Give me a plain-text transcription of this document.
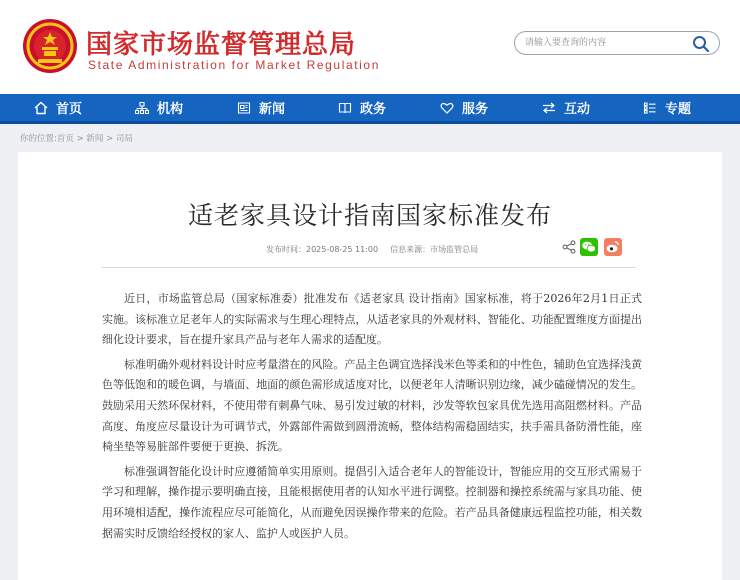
国家市场监督管理总局
State Administration for Market Regulation
请输入要查询的内容
首页	机构	新闻	政务	服务	互动	专题
你的位置:首页 > 新闻 > 司局
适老家具设计指南国家标准发布
发布时间：2025-08-25 11:00 信息来源：市场监管总局

近日，市场监管总局（国家标准委）批准发布《适老家具 设计指南》国家标准，将于2026年2月1日正式实施。该标准立足老年人的实际需求与生理心理特点，从适老家具的外观材料、智能化、功能配置维度方面提出细化设计要求，旨在提升家具产品与老年人需求的适配度。

标准明确外观材料设计时应考量潜在的风险。产品主色调宜选择浅米色等柔和的中性色，辅助色宜选择浅黄色等低饱和的暖色调，与墙面、地面的颜色需形成适度对比，以便老年人清晰识别边缘，减少磕碰情况的发生。鼓励采用天然环保材料，不使用带有刺鼻气味、易引发过敏的材料，沙发等软包家具优先选用高阻燃材料。产品高度、角度应尽量设计为可调节式，外露部件需做到圆滑流畅，整体结构需稳固结实，扶手需具备防滑性能，座椅坐垫等易脏部件要便于更换、拆洗。

标准强调智能化设计时应遵循简单实用原则。提倡引入适合老年人的智能设计，智能应用的交互形式需易于学习和理解，操作提示要明确直接，且能根据使用者的认知水平进行调整。控制器和操控系统需与家具功能、使用环境相适配，操作流程应尽可能简化，从而避免因误操作带来的危险。若产品具备健康远程监控功能，相关数据需实时反馈给经授权的家人、监护人或医护人员。
